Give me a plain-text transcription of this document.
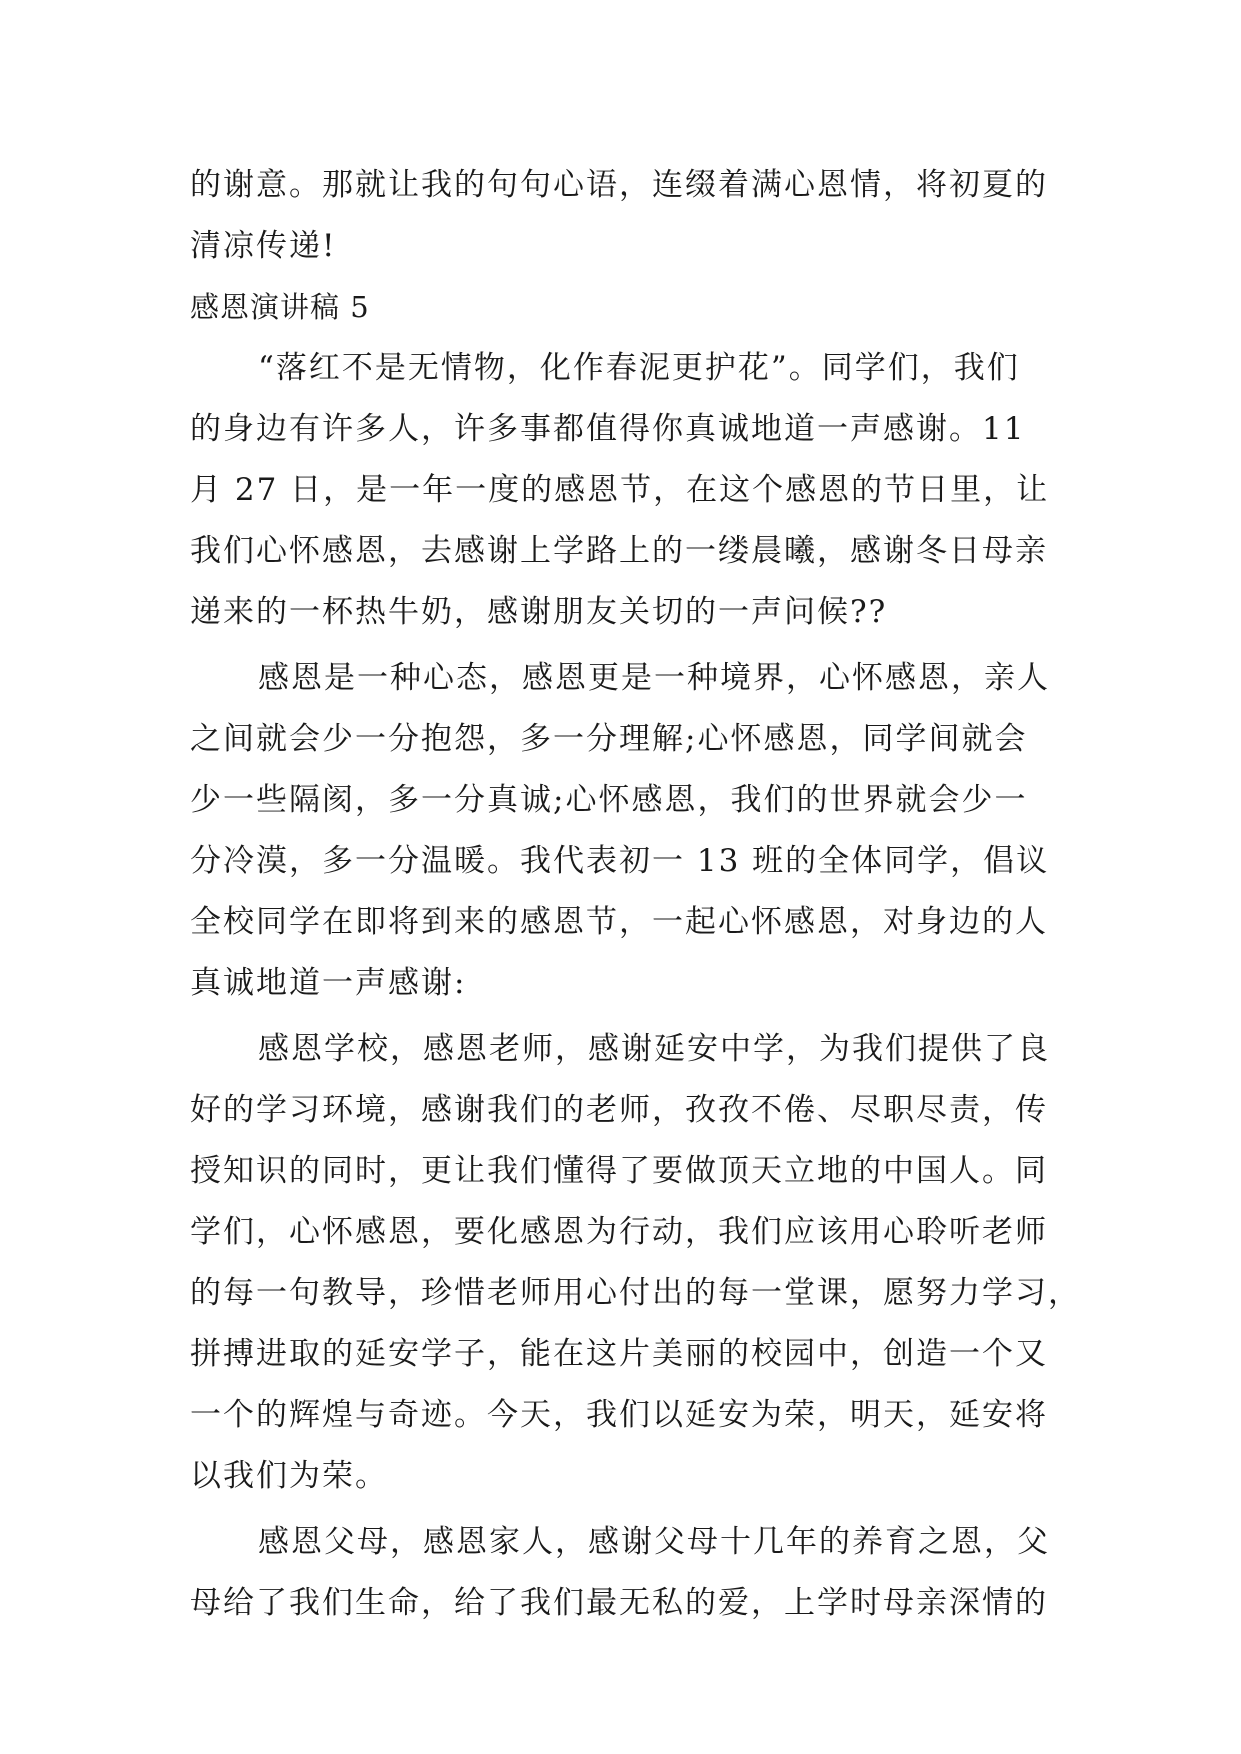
的谢意。那就让我的句句心语，连缀着满心恩情，将初夏的
清凉传递!
感恩演讲稿 5
“落红不是无情物，化作春泥更护花”。同学们，我们
的身边有许多人，许多事都值得你真诚地道一声感谢。11
月 27 日，是一年一度的感恩节，在这个感恩的节日里，让
我们心怀感恩，去感谢上学路上的一缕晨曦，感谢冬日母亲
递来的一杯热牛奶，感谢朋友关切的一声问候??
感恩是一种心态，感恩更是一种境界，心怀感恩，亲人
之间就会少一分抱怨，多一分理解;心怀感恩，同学间就会
少一些隔阂，多一分真诚;心怀感恩，我们的世界就会少一
分冷漠，多一分温暖。我代表初一 13 班的全体同学，倡议
全校同学在即将到来的感恩节，一起心怀感恩，对身边的人
真诚地道一声感谢:
感恩学校，感恩老师，感谢延安中学，为我们提供了良
好的学习环境，感谢我们的老师，孜孜不倦、尽职尽责，传
授知识的同时，更让我们懂得了要做顶天立地的中国人。同
学们，心怀感恩，要化感恩为行动，我们应该用心聆听老师
的每一句教导，珍惜老师用心付出的每一堂课，愿努力学习，
拼搏进取的延安学子，能在这片美丽的校园中，创造一个又
一个的辉煌与奇迹。今天，我们以延安为荣，明天，延安将
以我们为荣。
感恩父母，感恩家人，感谢父母十几年的养育之恩，父
母给了我们生命，给了我们最无私的爱，上学时母亲深情的
